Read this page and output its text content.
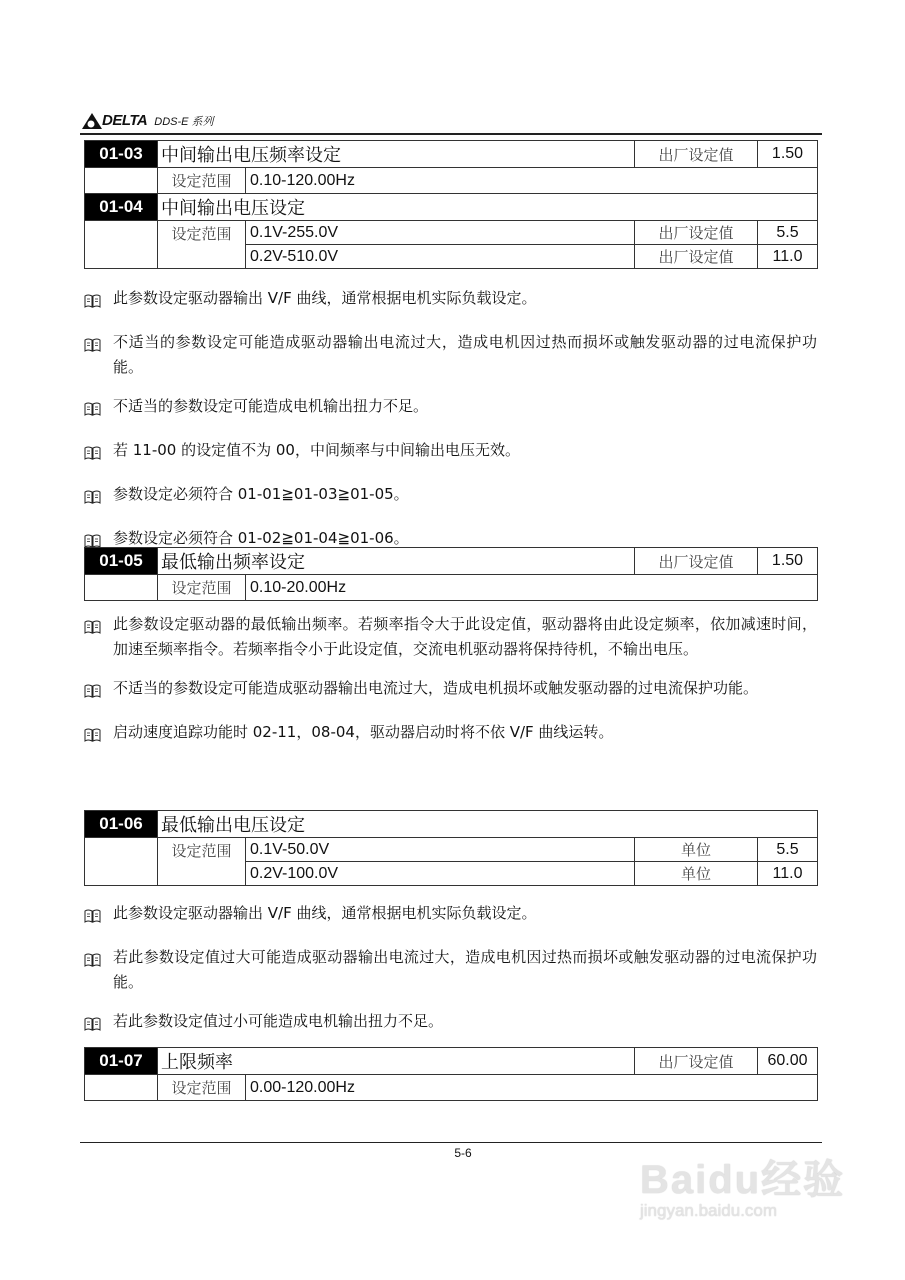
DELTA DDS-E 系列
01-03	中间输出电压频率设定		出厂设定值	1.50
	设定范围	0.10-120.00Hz		
01-04	中间输出电压设定			
	设定范围	0.1V-255.0V	出厂设定值	5.5
		0.2V-510.0V	出厂设定值	11.0
01-05	最低输出频率设定		出厂设定值	1.50
	设定范围	0.10-20.00Hz		
01-06	最低输出电压设定			
	设定范围	0.1V-50.0V	单位	5.5
		0.2V-100.0V	单位	11.0
01-07	上限频率		出厂设定值	60.00
	设定范围	0.00-120.00Hz		
此参数设定驱动器输出 V/F 曲线，通常根据电机实际负载设定。
不适当的参数设定可能造成驱动器输出电流过大，造成电机因过热而损坏或触发驱动器的过电流保护功能。
不适当的参数设定可能造成电机输出扭力不足。
若 11-00 的设定值不为 00，中间频率与中间输出电压无效。
参数设定必须符合 01-01≧01-03≧01-05。
参数设定必须符合 01-02≧01-04≧01-06。
此参数设定驱动器的最低输出频率。若频率指令大于此设定值，驱动器将由此设定频率，依加减速时间，加速至频率指令。若频率指令小于此设定值，交流电机驱动器将保持待机，不输出电压。
不适当的参数设定可能造成驱动器输出电流过大，造成电机损坏或触发驱动器的过电流保护功能。
启动速度追踪功能时 02-11，08-04，驱动器启动时将不依 V/F 曲线运转。
此参数设定驱动器输出 V/F 曲线，通常根据电机实际负载设定。
若此参数设定值过大可能造成驱动器输出电流过大，造成电机因过热而损坏或触发驱动器的过电流保护功能。
若此参数设定值过小可能造成电机输出扭力不足。
5-6
Baidu经验
jingyan.baidu.com
